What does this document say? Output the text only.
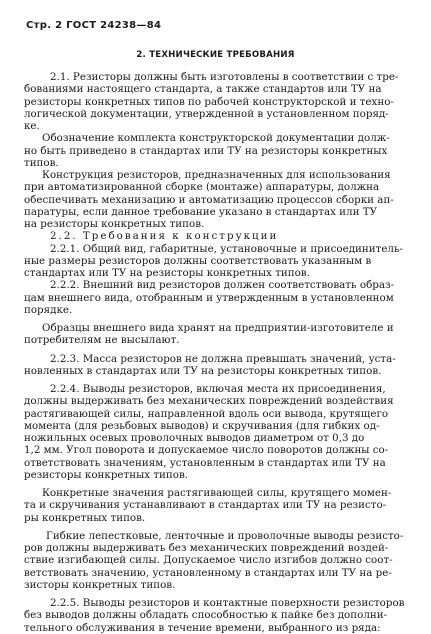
Стр. 2 ГОСТ 24238—84
2. ТЕХНИЧЕСКИЕ ТРЕБОВАНИЯ
2.1. Резисторы должны быть изготовлены в соответствии с тре-
бованиями настоящего стандарта, а также стандартов или ТУ на
резисторы конкретных типов по рабочей конструкторской и техно-
логической документации, утвержденной в установленном поряд-
ке.
Обозначение комплекта конструкторской документации долж-
но быть приведено в стандартах или ТУ на резисторы конкретных
типов.
Конструкция резисторов, предназначенных для использования
при автоматизированной сборке (монтаже) аппаратуры, должна
обеспечивать механизацию и автоматизацию процессов сборки ап-
паратуры, если данное требование указано в стандартах или ТУ
на резисторы конкретных типов.
2.2. Требования к конструкции
2.2.1. Общий вид, габаритные, установочные и присоединитель-
ные размеры резисторов должны соответствовать указанным в
стандартах или ТУ на резисторы конкретных типов.
2.2.2. Внешний вид резисторов должен соответствовать образ-
цам внешнего вида, отобранным и утвержденным в установленном
порядке.
Образцы внешнего вида хранят на предприятии-изготовителе и
потребителям не высылают.
2.2.3. Масса резисторов не должна превышать значений, уста-
новленных в стандартах или ТУ на резисторы конкретных типов.
2.2.4. Выводы резисторов, включая места их присоединения,
должны выдерживать без механических повреждений воздействия
растягивающей силы, направленной вдоль оси вывода, крутящего
момента (для резьбовых выводов) и скручивания (для гибких од-
ножильных осевых проволочных выводов диаметром от 0,3 до
1,2 мм. Угол поворота и допускаемое число поворотов должны со-
ответствовать значениям, установленным в стандартах или ТУ на
резисторы конкретных типов.
Конкретные значения растягивающей силы, крутящего момен-
та и скручивания устанавливают в стандартах или ТУ на резисто-
ры конкретных типов.
Гибкие лепестковые, ленточные и проволочные выводы резисто-
ров должны выдерживать без механических повреждений воздей-
ствие изгибающей силы. Допускаемое число изгибов должно соот-
ветствовать значению, установленному в стандартах или ТУ на ре-
зисторы конкретных типов.
2.2.5. Выводы резисторов и контактные поверхности резисторов
без выводов должны обладать способностью к пайке без дополни-
тельного обслуживания в течение времени, выбранного из ряда:
